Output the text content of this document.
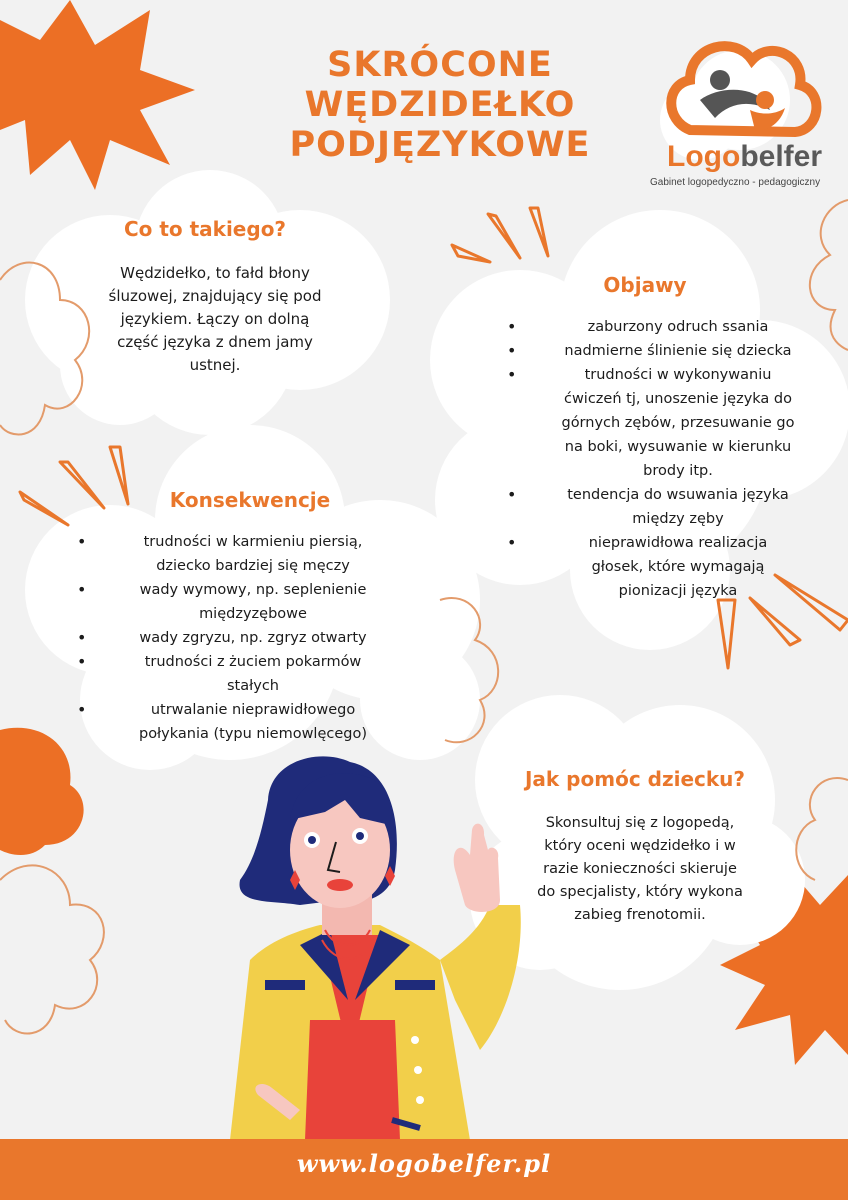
SKRÓCONE
WĘDZIDEŁKO
PODJĘZYKOWE	Logobelfer
Gabinet logopedyczno - pedagogiczny
Co to takiego?
Wędzidełko, to fałd błony
śluzowej, znajdujący się pod
językiem. Łączy on dolną
część języka z dnem jamy
ustnej.
Objawy
• zaburzony odruch ssania
• nadmierne ślinienie się dziecka
• trudności w wykonywaniu
ćwiczeń tj, unoszenie języka do
górnych zębów, przesuwanie go
na boki, wysuwanie w kierunku
brody itp.
• tendencja do wsuwania języka
między zęby
• nieprawidłowa realizacja
głosek, które wymagają
pionizacji języka
Konsekwencje
• trudności w karmieniu piersią,
dziecko bardziej się męczy
• wady wymowy, np. seplenienie
międzyzębowe
• wady zgryzu, np. zgryz otwarty
• trudności z żuciem pokarmów
stałych
• utrwalanie nieprawidłowego
połykania (typu niemowlęcego)
Jak pomóc dziecku?
Skonsultuj się z logopedą,
który oceni wędzidełko i w
razie konieczności skieruje
do specjalisty, który wykona
zabieg frenotomii.
www.logobelfer.pl
